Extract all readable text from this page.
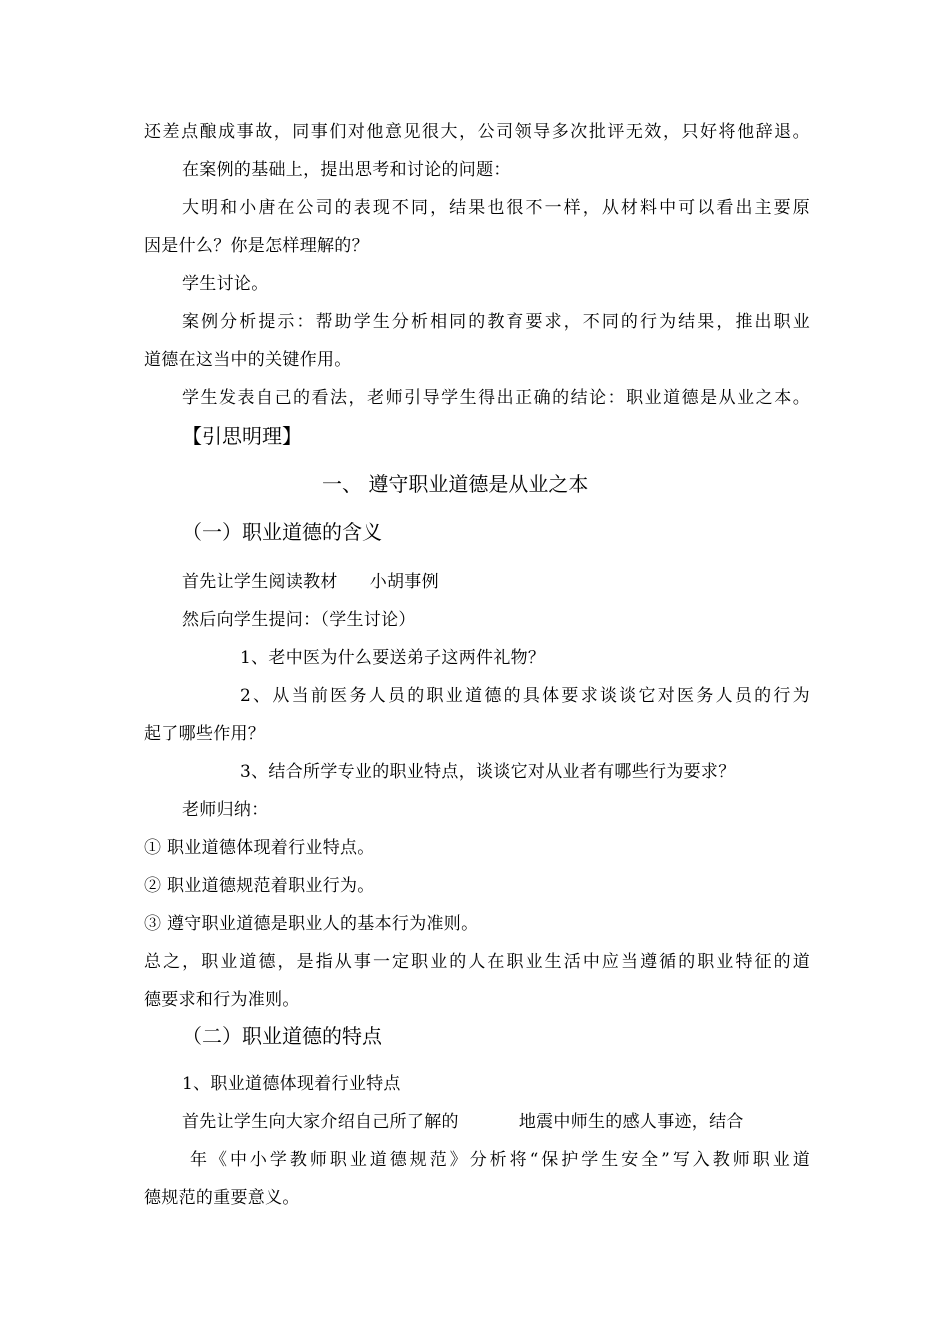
还差点酿成事故，同事们对他意见很大，公司领导多次批评无效，只好将他辞退。
在案例的基础上，提出思考和讨论的问题：
大明和小唐在公司的表现不同，结果也很不一样，从材料中可以看出主要原
因是什么？你是怎样理解的？
学生讨论。
案例分析提示：帮助学生分析相同的教育要求，不同的行为结果，推出职业
道德在这当中的关键作用。
学生发表自己的看法，老师引导学生得出正确的结论：职业道德是从业之本。
【引思明理】
一、 遵守职业道德是从业之本
（一）职业道德的含义
首先让学生阅读教材 小胡事例
然后向学生提问：（学生讨论）
1、老中医为什么要送弟子这两件礼物？
2、从当前医务人员的职业道德的具体要求谈谈它对医务人员的行为
起了哪些作用？
3、结合所学专业的职业特点，谈谈它对从业者有哪些行为要求？
老师归纳：
① 职业道德体现着行业特点。
② 职业道德规范着职业行为。
③ 遵守职业道德是职业人的基本行为准则。
总之，职业道德，是指从事一定职业的人在职业生活中应当遵循的职业特征的道
德要求和行为准则。
（二）职业道德的特点
1、职业道德体现着行业特点
首先让学生向大家介绍自己所了解的	地震中师生的感人事迹，结合
年《中小学教师职业道德规范》分析将“保护学生安全”写入教师职业道
德规范的重要意义。
